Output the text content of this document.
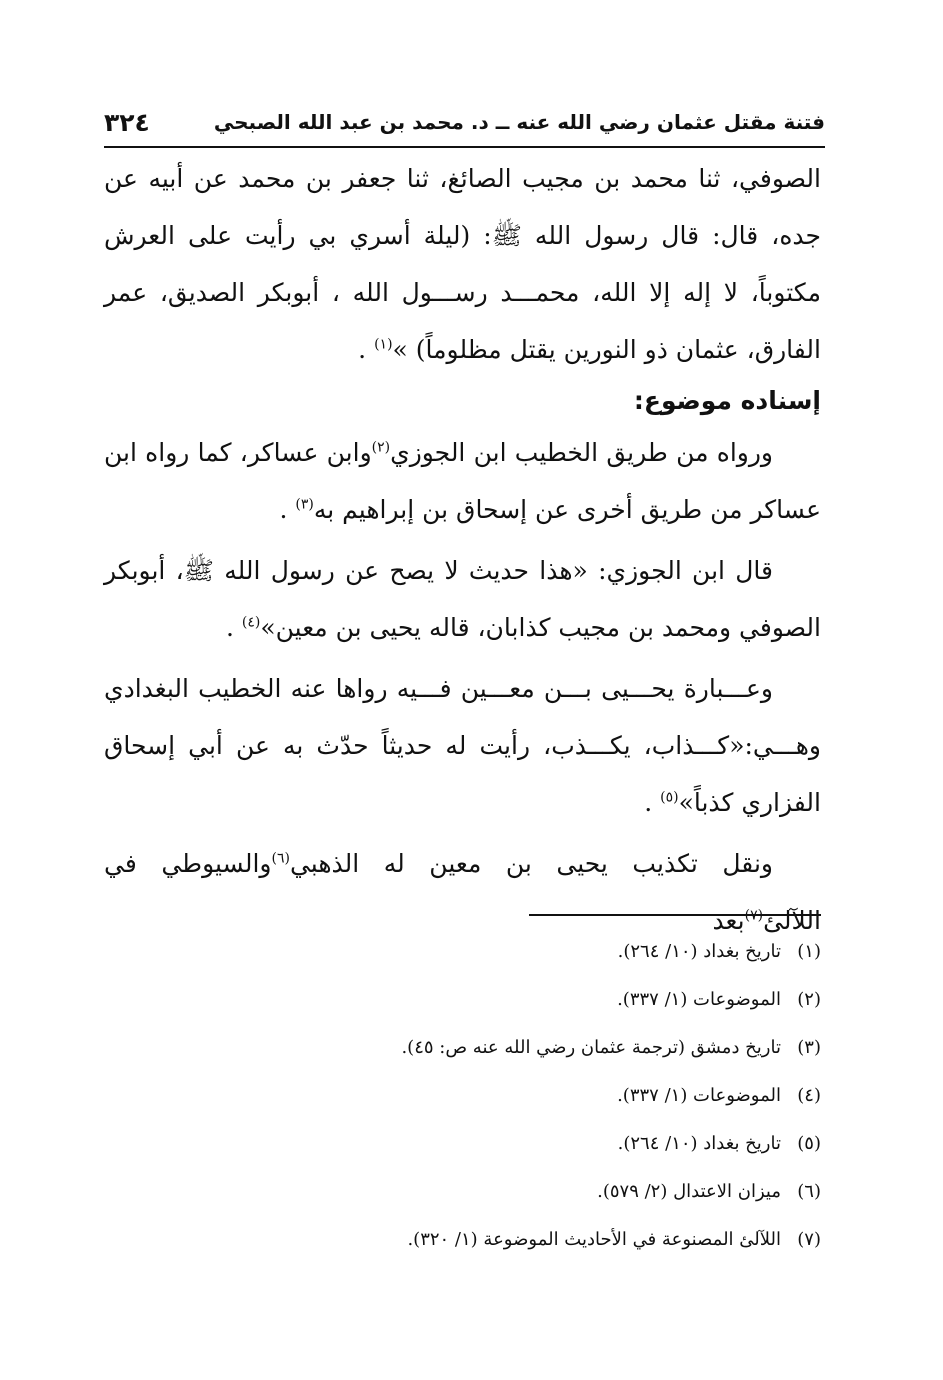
فتنة مقتل عثمان رضي الله عنه ــ د. محمد بن عبد الله الصبحي
٣٢٤

الصوفي، ثنا محمد بن مجيب الصائغ، ثنا جعفر بن محمد عن أبيه عن جده، قال: قال رسول الله ﷺ: (ليلة أسري بي رأيت على العرش مكتوباً، لا إله إلا الله، محمـــد رســـول الله ، أبوبكر الصديق، عمر الفارق، عثمان ذو النورين يقتل مظلوماً) »$^{(١)}$ .

إسناده موضوع:

ورواه من طريق الخطيب ابن الجوزي$^{(٢)}$وابن عساكر، كما رواه ابن عساكر من طريق أخرى عن إسحاق بن إبراهيم به$^{(٣)}$ .

قال ابن الجوزي: «هذا حديث لا يصح عن رسول الله ﷺ، أبوبكر الصوفي ومحمد بن مجيب كذابان، قاله يحيى بن معين»$^{(٤)}$ .

وعـــبارة يحـــيى بـــن معـــين فـــيه رواها عنه الخطيب البغدادي وهـــي:«كـــذاب، يكـــذب، رأيت له حديثاً حدّث به عن أبي إسحاق الفزاري كذباً»$^{(٥)}$ .

ونقل تكذيب يحيى بن معين له الذهبي$^{(٦)}$والسيوطي في اللآلئ$^{(٧)}$بعد

(١)تاريخ بغداد (١٠/ ٢٦٤).
(٢)الموضوعات (١/ ٣٣٧).
(٣)تاريخ دمشق (ترجمة عثمان رضي الله عنه ص: ٤٥).
(٤)الموضوعات (١/ ٣٣٧).
(٥)تاريخ بغداد (١٠/ ٢٦٤).
(٦)ميزان الاعتدال (٢/ ٥٧٩).
(٧)اللآلئ المصنوعة في الأحاديث الموضوعة (١/ ٣٢٠).
